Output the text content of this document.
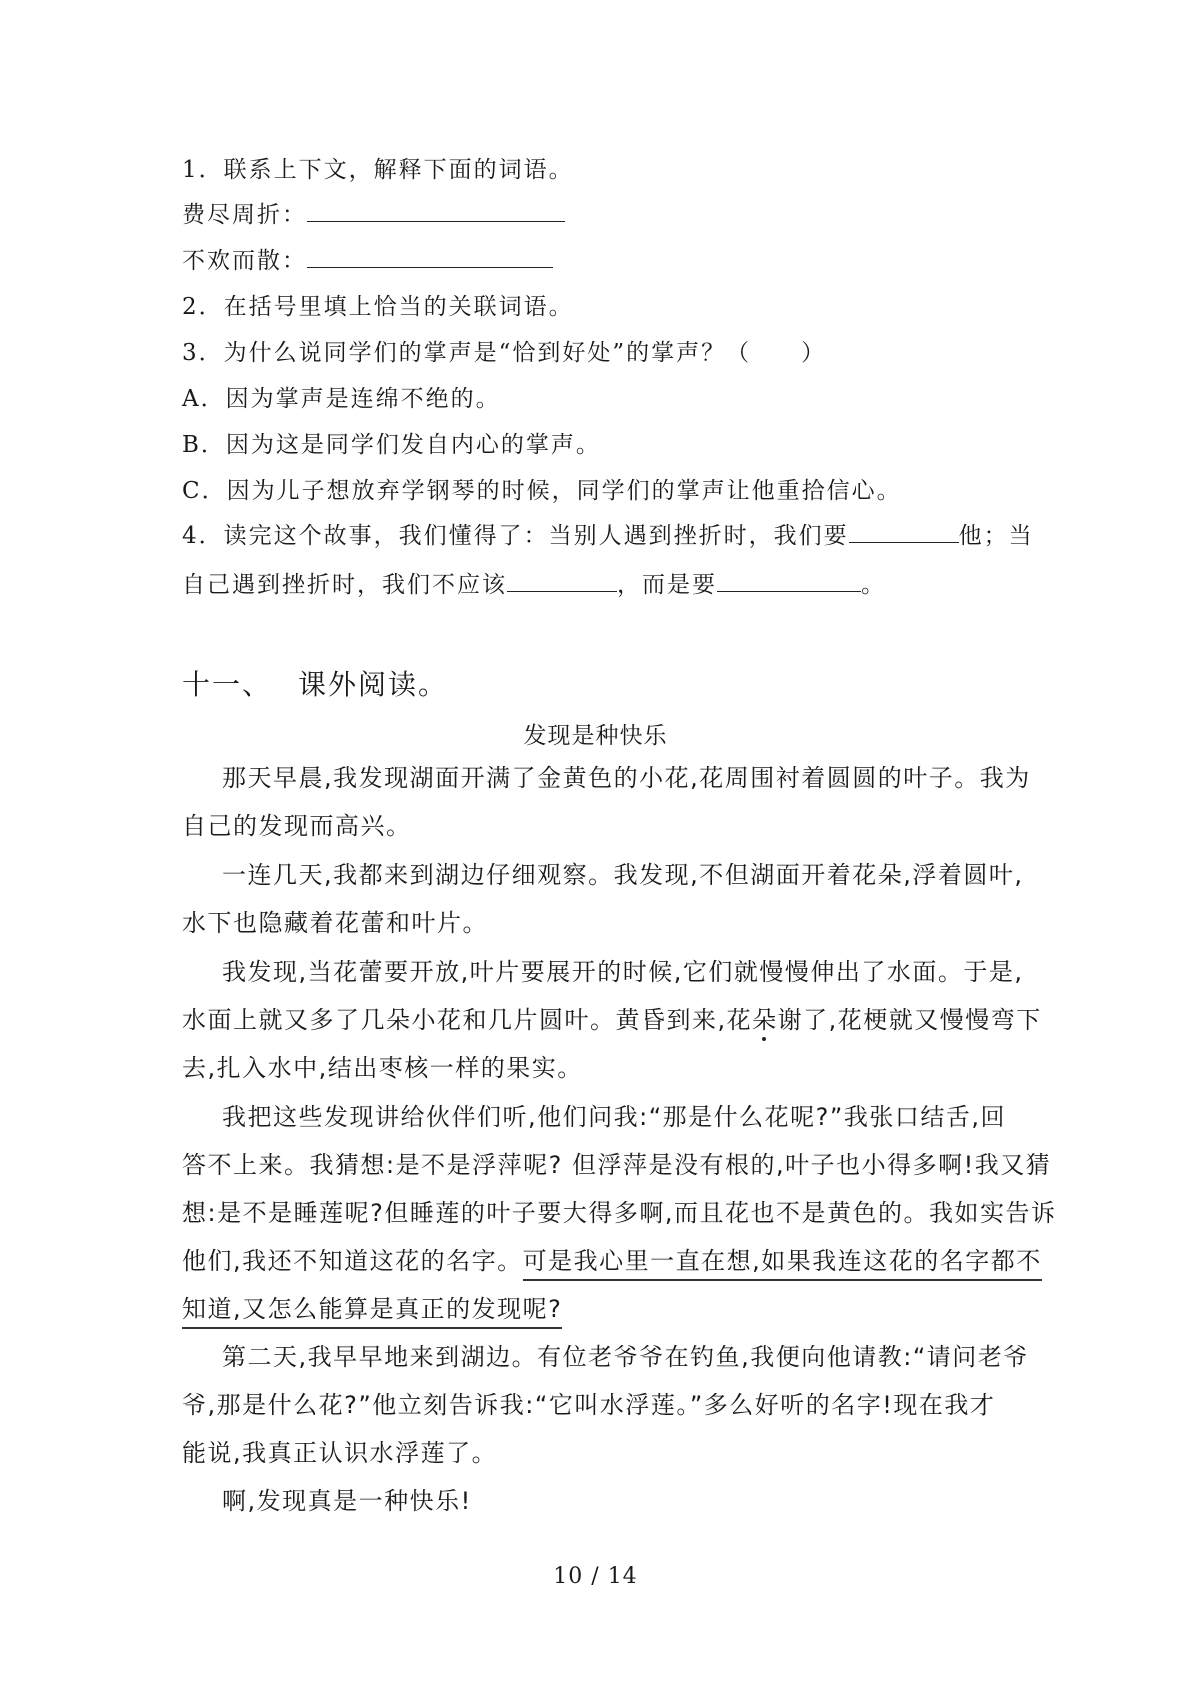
1．联系上下文，解释下面的词语。
费尽周折：
不欢而散：
2．在括号里填上恰当的关联词语。
3．为什么说同学们的掌声是“恰到好处”的掌声？（　　）
A．因为掌声是连绵不绝的。
B．因为这是同学们发自内心的掌声。
C．因为儿子想放弃学钢琴的时候，同学们的掌声让他重拾信心。
4．读完这个故事，我们懂得了：当别人遇到挫折时，我们要	他；当
自己遇到挫折时，我们不应该	，而是要	。
十一、 课外阅读。
发现是种快乐
那天早晨,我发现湖面开满了金黄色的小花,花周围衬着圆圆的叶子。我为
自己的发现而高兴。
一连几天,我都来到湖边仔细观察。我发现,不但湖面开着花朵,浮着圆叶,
水下也隐藏着花蕾和叶片。
我发现,当花蕾要开放,叶片要展开的时候,它们就慢慢伸出了水面。于是,
水面上就又多了几朵小花和几片圆叶。黄昏到来,花朵谢了,花梗就又慢慢弯下
去,扎入水中,结出枣核一样的果实。
我把这些发现讲给伙伴们听,他们问我:“那是什么花呢?”我张口结舌,回
答不上来。我猜想:是不是浮萍呢? 但浮萍是没有根的,叶子也小得多啊!我又猜
想:是不是睡莲呢?但睡莲的叶子要大得多啊,而且花也不是黄色的。我如实告诉
他们,我还不知道这花的名字。可是我心里一直在想,如果我连这花的名字都不
知道,又怎么能算是真正的发现呢?
第二天,我早早地来到湖边。有位老爷爷在钓鱼,我便向他请教:“请问老爷
爷,那是什么花?”他立刻告诉我:“它叫水浮莲。”多么好听的名字!现在我才
能说,我真正认识水浮莲了。
啊,发现真是一种快乐!
10 / 14
